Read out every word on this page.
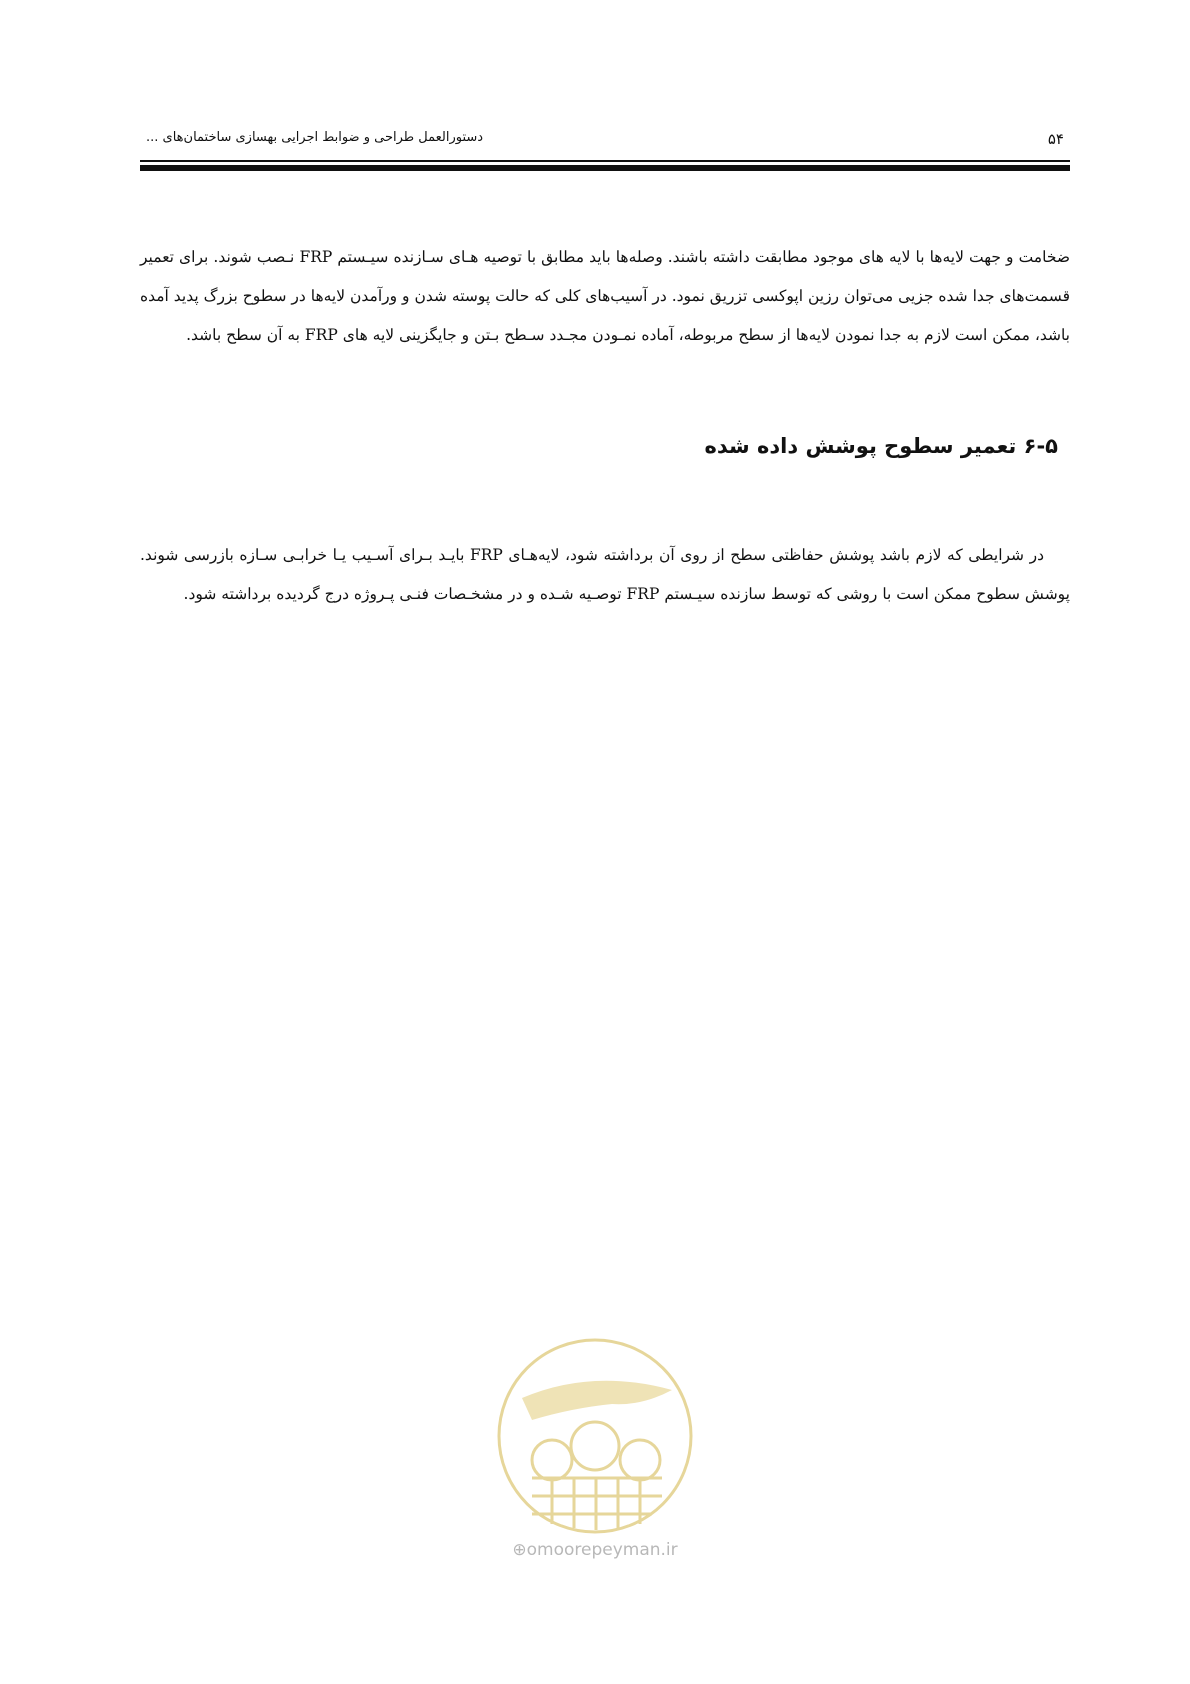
دستورالعمل طراحی و ضوابط اجرایی بهسازی ساختمان‌های ...	۵۴

ضخامت و جهت لایه‌ها با لایه های موجود مطابقت داشته باشند. وصله‌ها باید مطابق با توصیه هـای سـازنده سیـستم FRP نـصب شوند. برای تعمیر قسمت‌های جدا شده جزیی می‌توان رزین اپوکسی تزریق نمود. در آسیب‌های کلی که حالت پوسته شدن و ورآمدن لایه‌ها در سطوح بزرگ پدید آمده باشد، ممکن است لازم به جدا نمودن لایه‌ها از سطح مربوطه، آماده نمـودن مجـدد سـطح بـتن و جایگزینی لایه های FRP به آن سطح باشد.

۶-۵ تعمیر سطوح پوشش داده شده

در شرایطی که لازم باشد پوشش حفاظتی سطح از روی آن برداشته شود، لایه‌هـای FRP بایـد بـرای آسـیب یـا خرابـی سـازه بازرسی شوند. پوشش سطوح ممکن است با روشی که توسط سازنده سیـستم FRP توصـیه شـده و در مشخـصات فنـی پـروژه درج گردیده برداشته شود.

⊕omoorepeyman.ir
